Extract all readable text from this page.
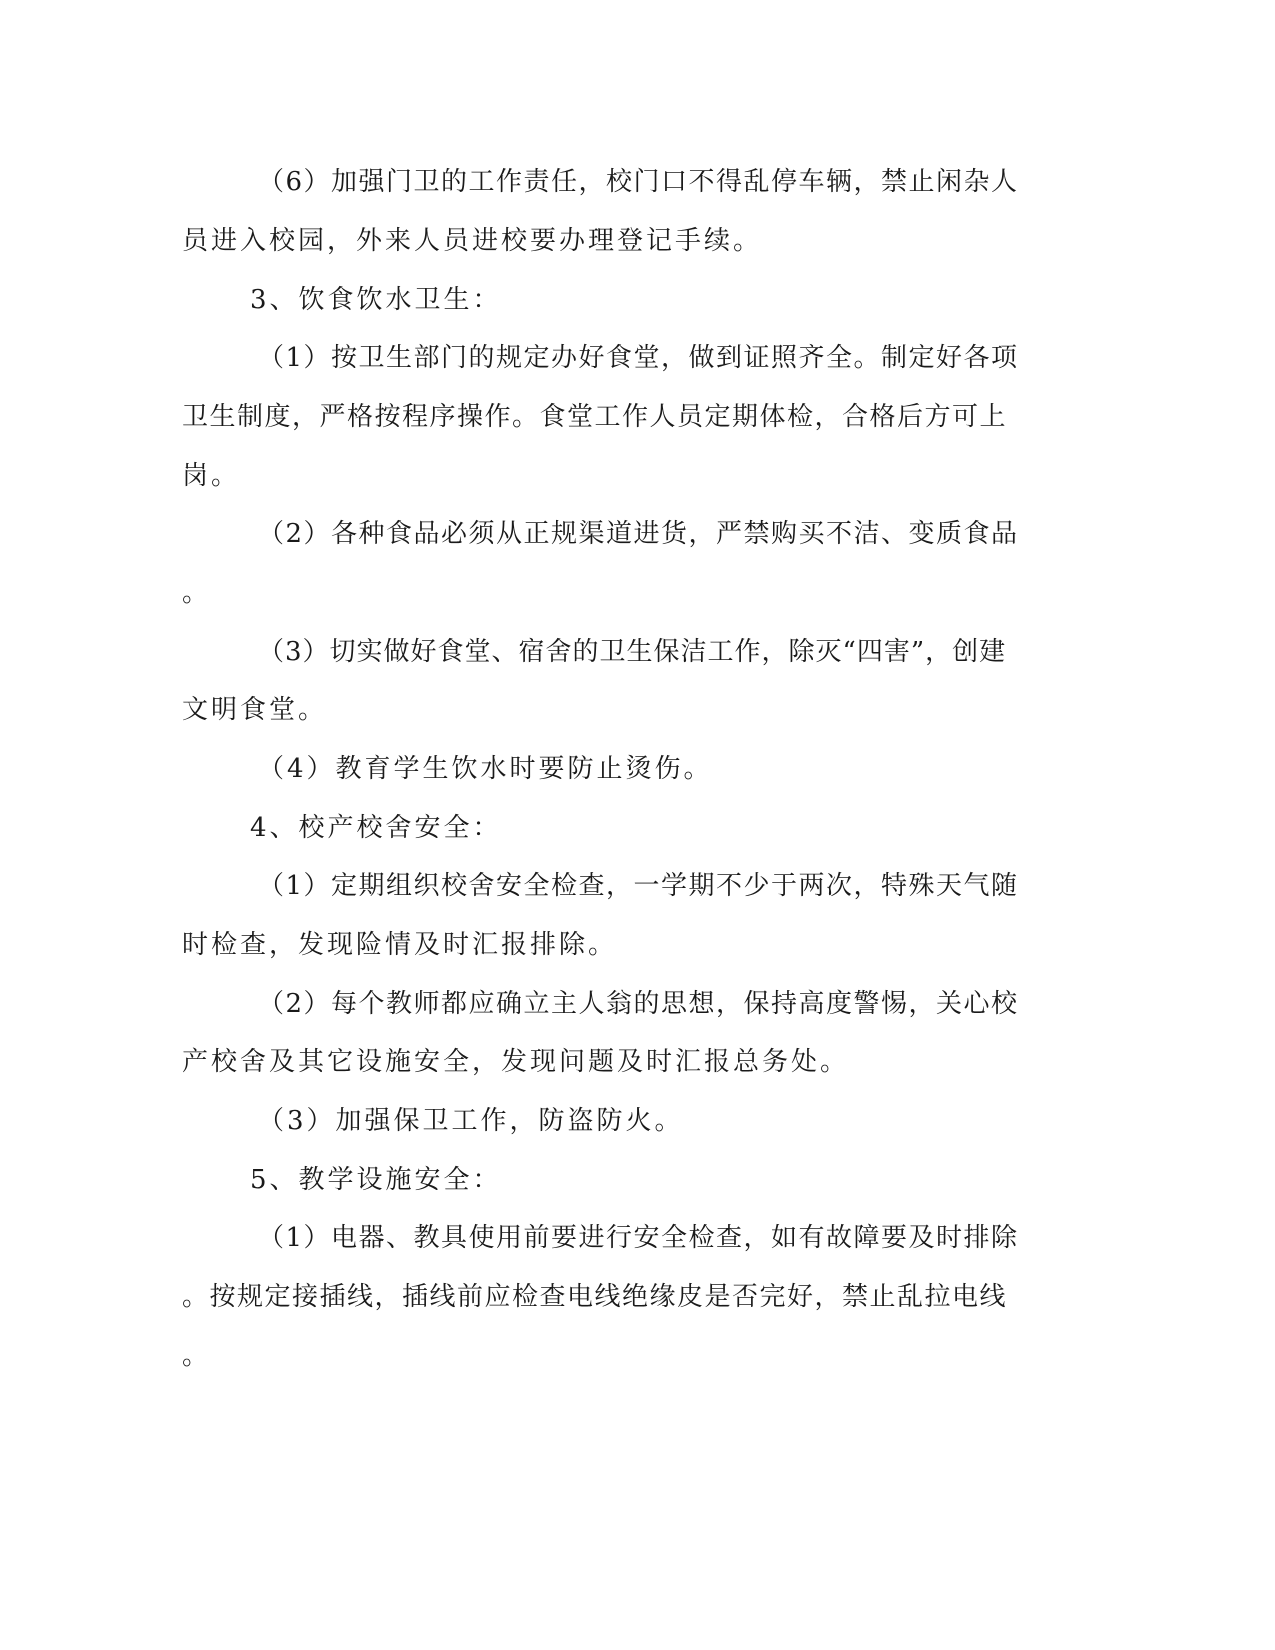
（6）加强门卫的工作责任，校门口不得乱停车辆，禁止闲杂人
员进入校园，外来人员进校要办理登记手续。
3、饮食饮水卫生：
（1）按卫生部门的规定办好食堂，做到证照齐全。制定好各项
卫生制度，严格按程序操作。食堂工作人员定期体检，合格后方可上
岗。
（2）各种食品必须从正规渠道进货，严禁购买不洁、变质食品
。
（3）切实做好食堂、宿舍的卫生保洁工作，除灭“四害”，创建
文明食堂。
（4）教育学生饮水时要防止烫伤。
4、校产校舍安全：
（1）定期组织校舍安全检查，一学期不少于两次，特殊天气随
时检查，发现险情及时汇报排除。
（2）每个教师都应确立主人翁的思想，保持高度警惕，关心校
产校舍及其它设施安全，发现问题及时汇报总务处。
（3）加强保卫工作，防盗防火。
5、教学设施安全：
（1）电器、教具使用前要进行安全检查，如有故障要及时排除
。按规定接插线，插线前应检查电线绝缘皮是否完好，禁止乱拉电线
。
